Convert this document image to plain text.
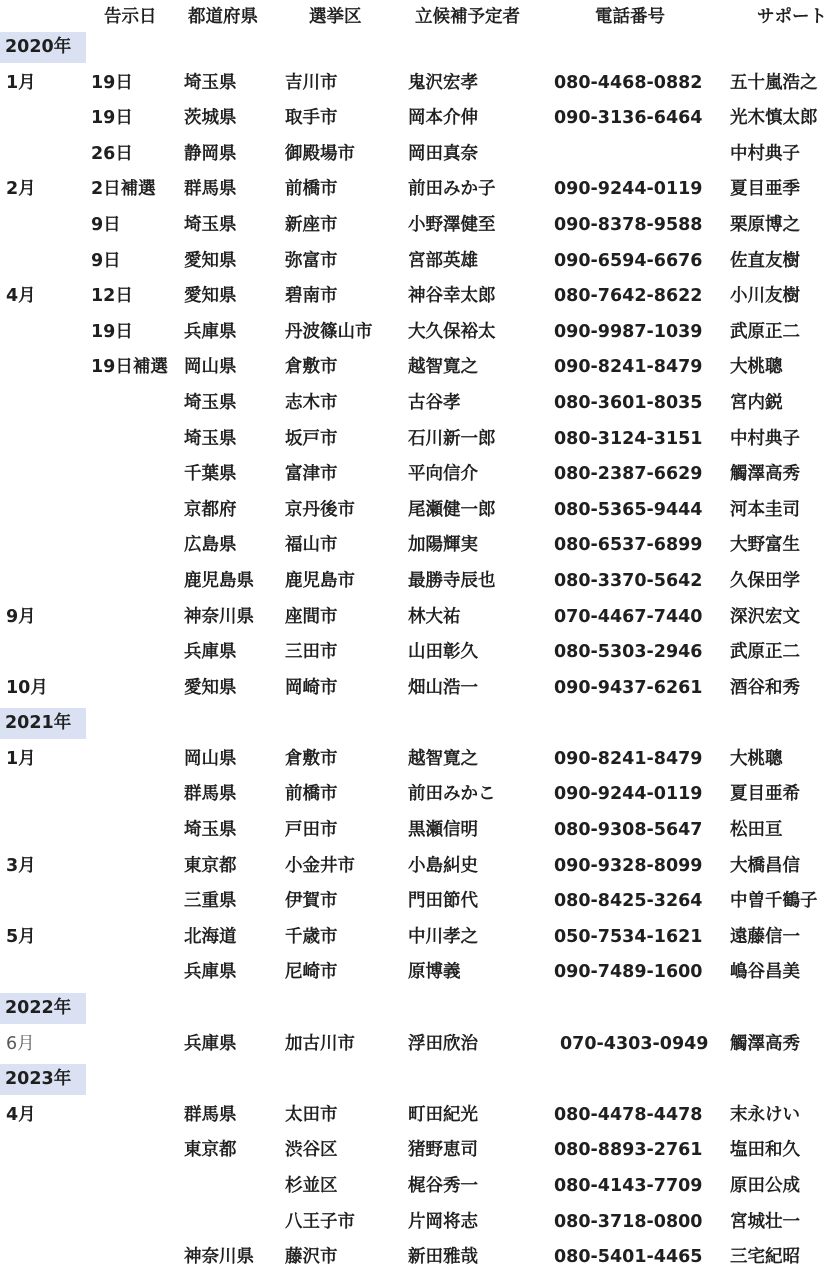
告示日 都道府県	選挙区	立候補予定者	電話番号	サポート
2020年
1月	19日	埼玉県	吉川市	鬼沢宏孝	080-4468-0882 五十嵐浩之
19日	茨城県	取手市	岡本介伸	090-3136-6464 光木慎太郎
26日	静岡県	御殿場市	岡田真奈	中村典子
2月	2日補選 群馬県	前橋市	前田みか子	090-9244-0119 夏目亜季
9日	埼玉県	新座市	小野澤健至	090-8378-9588 栗原博之
9日	愛知県	弥富市	宮部英雄	090-6594-6676 佐直友樹
4月	12日	愛知県	碧南市	神谷幸太郎	080-7642-8622 小川友樹
19日	兵庫県	丹波篠山市 大久保裕太	090-9987-1039 武原正二
19日補選 岡山県	倉敷市	越智寛之	090-8241-8479 大桃聰
埼玉県	志木市	古谷孝	080-3601-8035 宮内鋭
埼玉県	坂戸市	石川新一郎	080-3124-3151 中村典子
千葉県	富津市	平向信介	080-2387-6629 觸澤高秀
京都府	京丹後市	尾瀬健一郎	080-5365-9444 河本圭司
広島県	福山市	加陽輝実	080-6537-6899 大野富生
鹿児島県 鹿児島市	最勝寺辰也	080-3370-5642 久保田学
9月	神奈川県 座間市	林大祐	070-4467-7440 深沢宏文
兵庫県	三田市	山田彰久	080-5303-2946 武原正二
10月	愛知県	岡崎市	畑山浩一	090-9437-6261 酒谷和秀
2021年
1月	岡山県	倉敷市	越智寛之	090-8241-8479 大桃聰
群馬県	前橋市	前田みかこ	090-9244-0119 夏目亜希
埼玉県	戸田市	黒瀬信明	080-9308-5647 松田亘
3月	東京都	小金井市	小島糾史	090-9328-8099 大橋昌信
三重県	伊賀市	門田節代	080-8425-3264 中曽千鶴子
5月	北海道	千歳市	中川孝之	050-7534-1621 遠藤信一
兵庫県	尼崎市	原博義	090-7489-1600 嶋谷昌美
2022年
6月	兵庫県	加古川市	浮田欣治	070-4303-0949 觸澤高秀
2023年
4月	群馬県	太田市	町田紀光	080-4478-4478 末永けい
東京都	渋谷区	猪野恵司	080-8893-2761 塩田和久
杉並区	梶谷秀一	080-4143-7709 原田公成
八王子市	片岡将志	080-3718-0800 宮城壮一
神奈川県 藤沢市	新田雅哉	080-5401-4465 三宅紀昭
